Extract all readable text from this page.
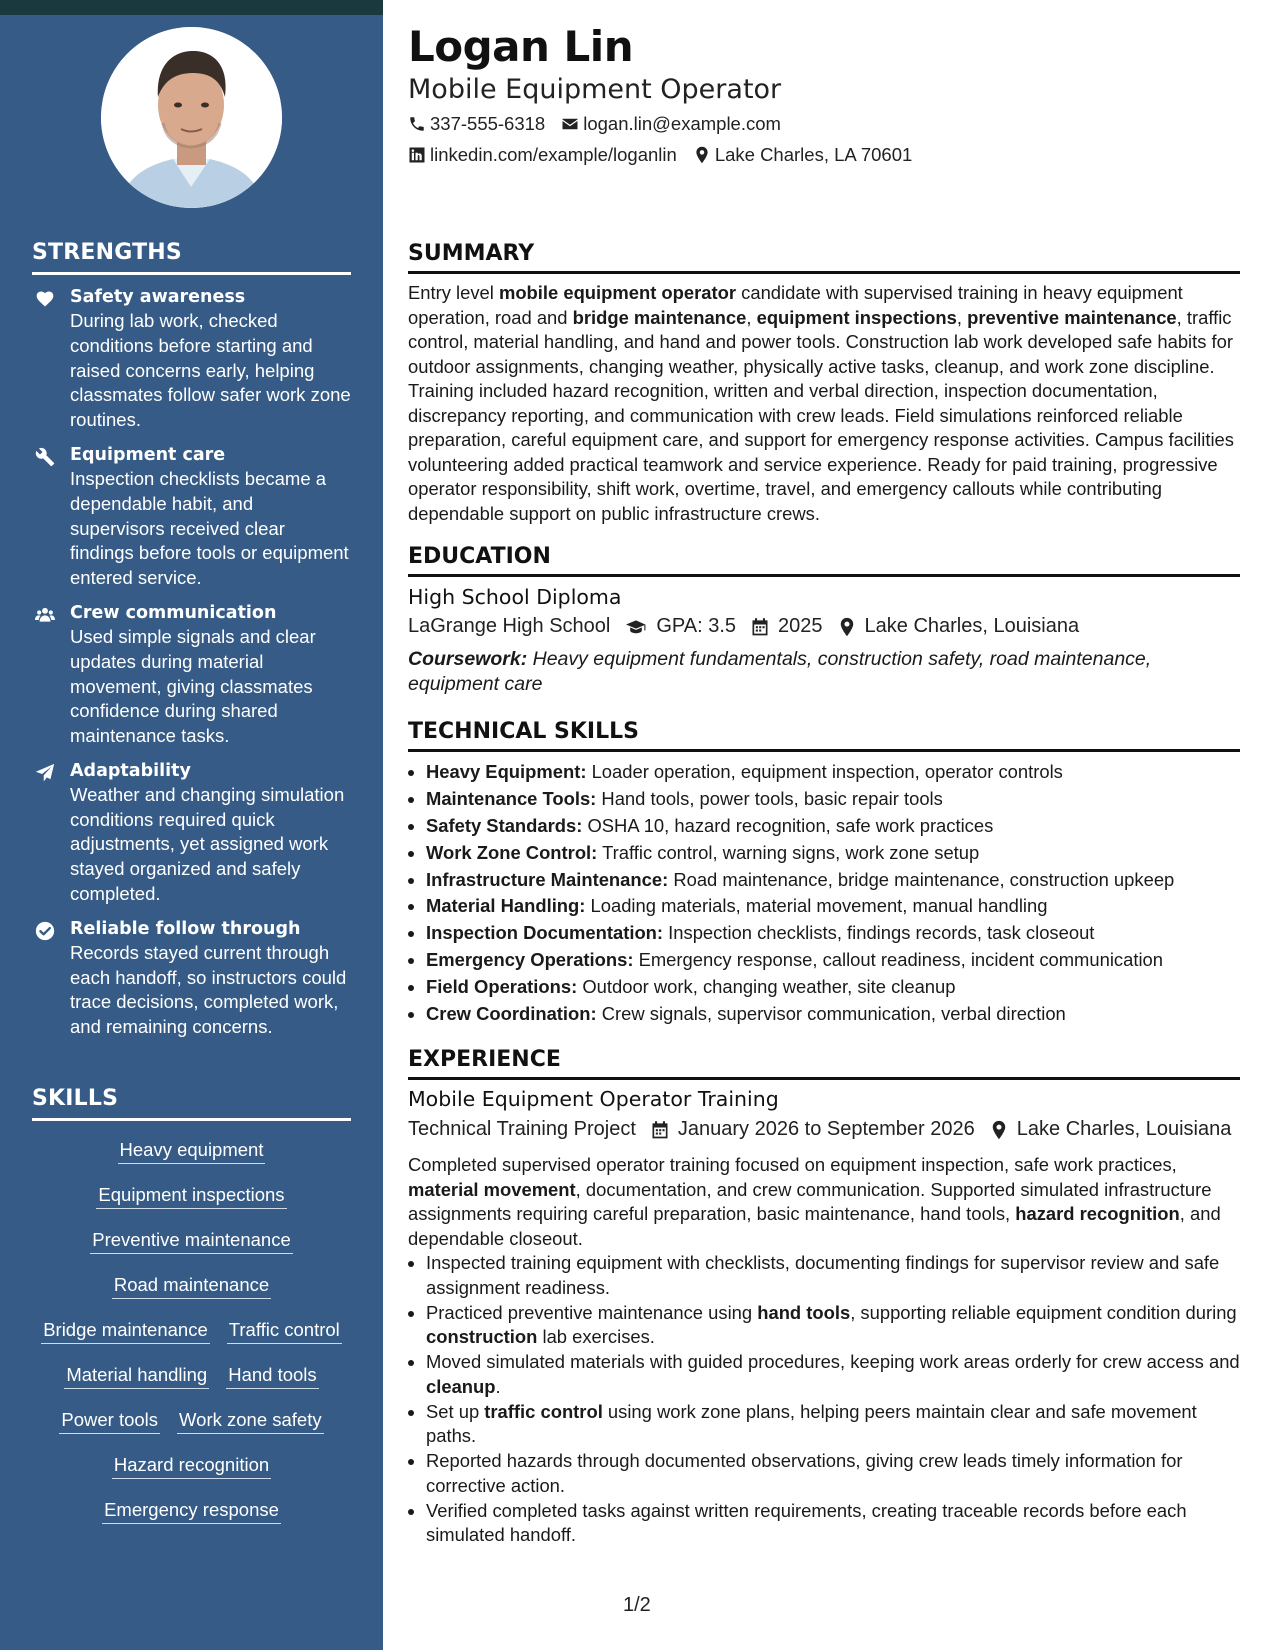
STRENGTHS
Safety awareness
During lab work, checked conditions before starting and raised concerns early, helping classmates follow safer work zone routines.
Equipment care
Inspection checklists became a dependable habit, and supervisors received clear findings before tools or equipment entered service.
Crew communication
Used simple signals and clear updates during material movement, giving classmates confidence during shared maintenance tasks.
Adaptability
Weather and changing simulation conditions required quick adjustments, yet assigned work stayed organized and safely completed.
Reliable follow through
Records stayed current through each handoff, so instructors could trace decisions, completed work, and remaining concerns.
SKILLS
Heavy equipment
Equipment inspections
Preventive maintenance
Road maintenance
Bridge maintenance Traffic control
Material handling Hand tools
Power tools Work zone safety
Hazard recognition
Emergency response
Logan Lin
Mobile Equipment Operator
337-555-6318 logan.lin@example.com
linkedin.com/example/loganlin Lake Charles, LA 70601
SUMMARY
Entry level mobile equipment operator candidate with supervised training in heavy equipment operation, road and bridge maintenance, equipment inspections, preventive maintenance, traffic control, material handling, and hand and power tools. Construction lab work developed safe habits for outdoor assignments, changing weather, physically active tasks, cleanup, and work zone discipline. Training included hazard recognition, written and verbal direction, inspection documentation, discrepancy reporting, and communication with crew leads. Field simulations reinforced reliable preparation, careful equipment care, and support for emergency response activities. Campus facilities volunteering added practical teamwork and service experience. Ready for paid training, progressive operator responsibility, shift work, overtime, travel, and emergency callouts while contributing dependable support on public infrastructure crews.
EDUCATION
High School Diploma
LaGrange High School GPA: 3.5 2025 Lake Charles, Louisiana
Coursework: Heavy equipment fundamentals, construction safety, road maintenance, equipment care
TECHNICAL SKILLS
• Heavy Equipment: Loader operation, equipment inspection, operator controls
• Maintenance Tools: Hand tools, power tools, basic repair tools
• Safety Standards: OSHA 10, hazard recognition, safe work practices
• Work Zone Control: Traffic control, warning signs, work zone setup
• Infrastructure Maintenance: Road maintenance, bridge maintenance, construction upkeep
• Material Handling: Loading materials, material movement, manual handling
• Inspection Documentation: Inspection checklists, findings records, task closeout
• Emergency Operations: Emergency response, callout readiness, incident communication
• Field Operations: Outdoor work, changing weather, site cleanup
• Crew Coordination: Crew signals, supervisor communication, verbal direction
EXPERIENCE
Mobile Equipment Operator Training
Technical Training Project January 2026 to September 2026 Lake Charles, Louisiana
Completed supervised operator training focused on equipment inspection, safe work practices, material movement, documentation, and crew communication. Supported simulated infrastructure assignments requiring careful preparation, basic maintenance, hand tools, hazard recognition, and dependable closeout.
• Inspected training equipment with checklists, documenting findings for supervisor review and safe assignment readiness.
• Practiced preventive maintenance using hand tools, supporting reliable equipment condition during construction lab exercises.
• Moved simulated materials with guided procedures, keeping work areas orderly for crew access and cleanup.
• Set up traffic control using work zone plans, helping peers maintain clear and safe movement paths.
• Reported hazards through documented observations, giving crew leads timely information for corrective action.
• Verified completed tasks against written requirements, creating traceable records before each simulated handoff.
1/2
